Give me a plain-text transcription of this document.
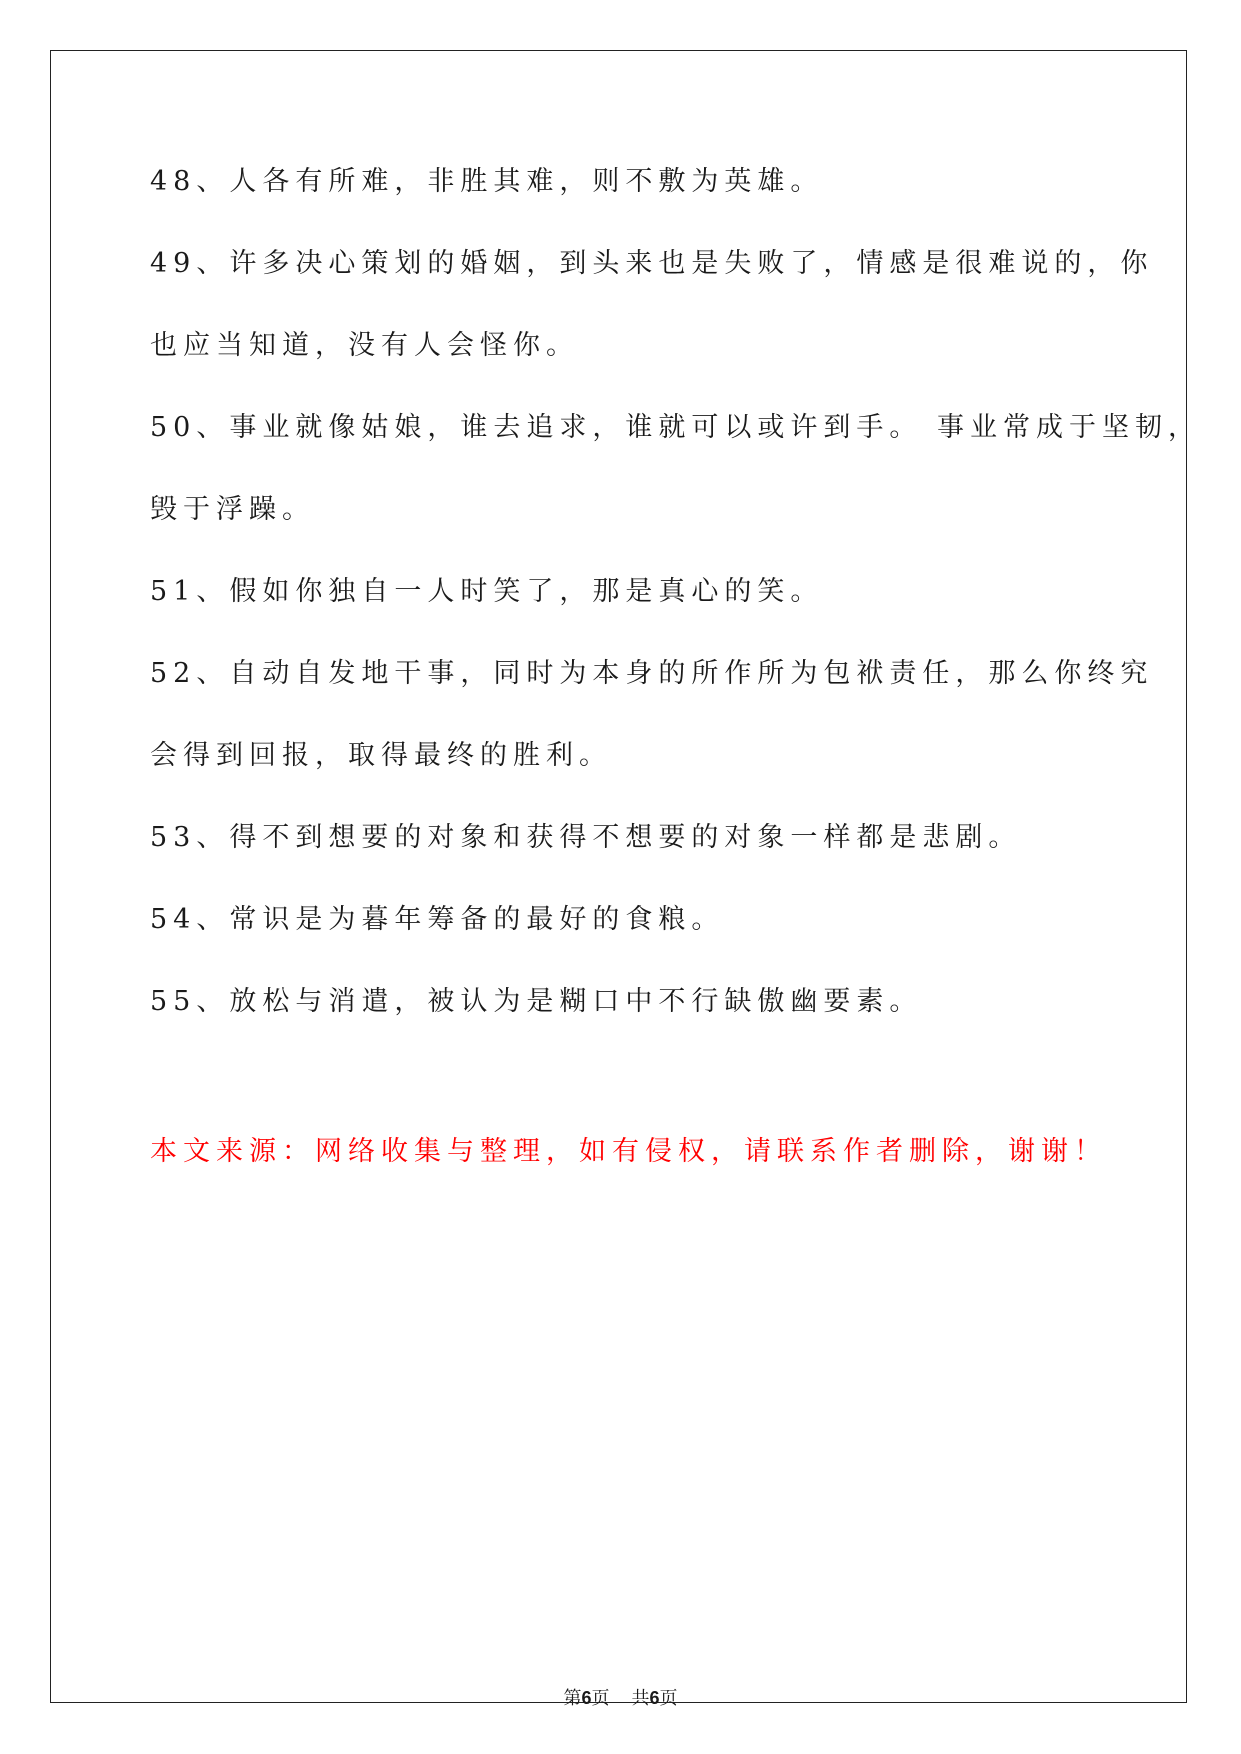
48、人各有所难，非胜其难，则不敷为英雄。
49、许多决心策划的婚姻，到头来也是失败了，情感是很难说的，你
也应当知道，没有人会怪你。
50、事业就像姑娘，谁去追求，谁就可以或许到手。 事业常成于坚韧，
毁于浮躁。
51、假如你独自一人时笑了，那是真心的笑。
52、自动自发地干事，同时为本身的所作所为包袱责任，那么你终究
会得到回报，取得最终的胜利。
53、得不到想要的对象和获得不想要的对象一样都是悲剧。
54、常识是为暮年筹备的最好的食粮。
55、放松与消遣，被认为是糊口中不行缺傲幽要素。
本文来源：网络收集与整理，如有侵权，请联系作者删除，谢谢！
第6页 共6页
